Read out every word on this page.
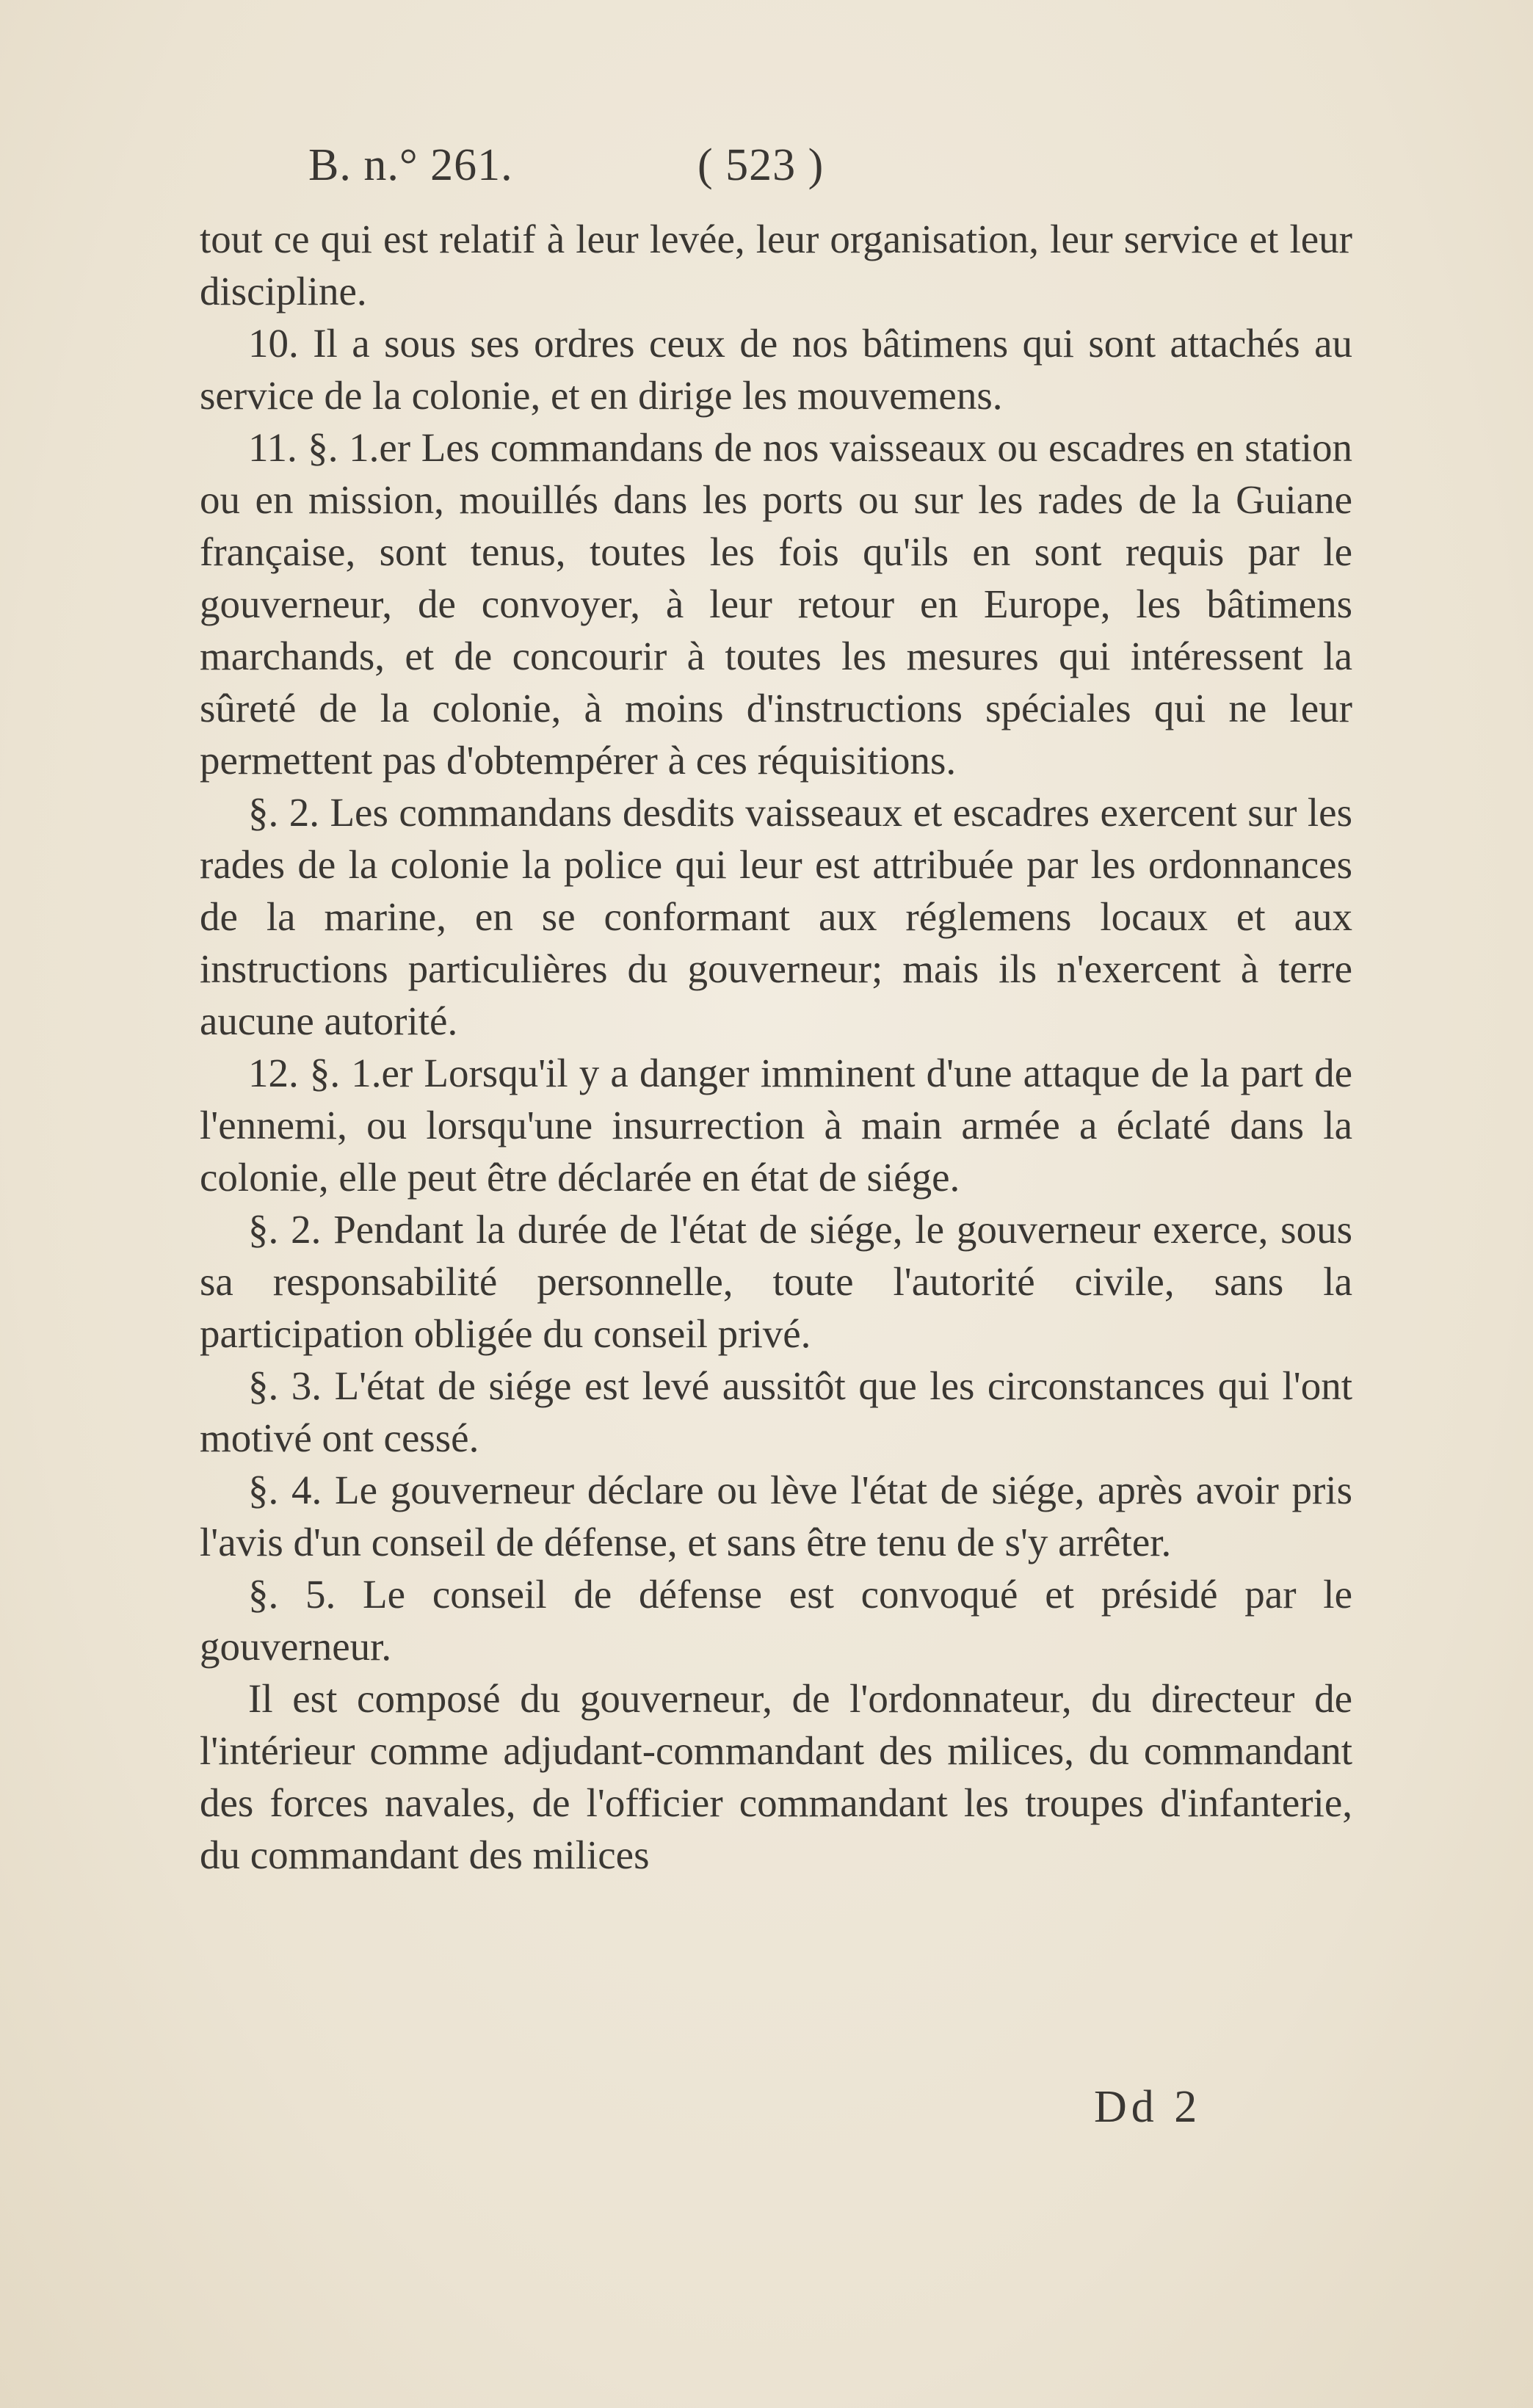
B. n.° 261.	( 523 )

tout ce qui est relatif à leur levée, leur organisation, leur service et leur discipline.

10. Il a sous ses ordres ceux de nos bâtimens qui sont attachés au service de la colonie, et en dirige les mouvemens.

11. §. 1.er Les commandans de nos vaisseaux ou escadres en station ou en mission, mouillés dans les ports ou sur les rades de la Guiane française, sont tenus, toutes les fois qu'ils en sont requis par le gouverneur, de convoyer, à leur retour en Europe, les bâtimens marchands, et de concourir à toutes les mesures qui intéressent la sûreté de la colonie, à moins d'instructions spéciales qui ne leur permettent pas d'obtempérer à ces réquisitions.

§. 2. Les commandans desdits vaisseaux et escadres exercent sur les rades de la colonie la police qui leur est attribuée par les ordonnances de la marine, en se conformant aux réglemens locaux et aux instructions particulières du gouverneur; mais ils n'exercent à terre aucune autorité.

12. §. 1.er Lorsqu'il y a danger imminent d'une attaque de la part de l'ennemi, ou lorsqu'une insurrection à main armée a éclaté dans la colonie, elle peut être déclarée en état de siége.

§. 2. Pendant la durée de l'état de siége, le gouverneur exerce, sous sa responsabilité personnelle, toute l'autorité civile, sans la participation obligée du conseil privé.

§. 3. L'état de siége est levé aussitôt que les circonstances qui l'ont motivé ont cessé.

§. 4. Le gouverneur déclare ou lève l'état de siége, après avoir pris l'avis d'un conseil de défense, et sans être tenu de s'y arrêter.

§. 5. Le conseil de défense est convoqué et présidé par le gouverneur.

Il est composé du gouverneur, de l'ordonnateur, du directeur de l'intérieur comme adjudant-commandant des milices, du commandant des forces navales, de l'officier commandant les troupes d'infanterie, du commandant des milices

Dd 2
